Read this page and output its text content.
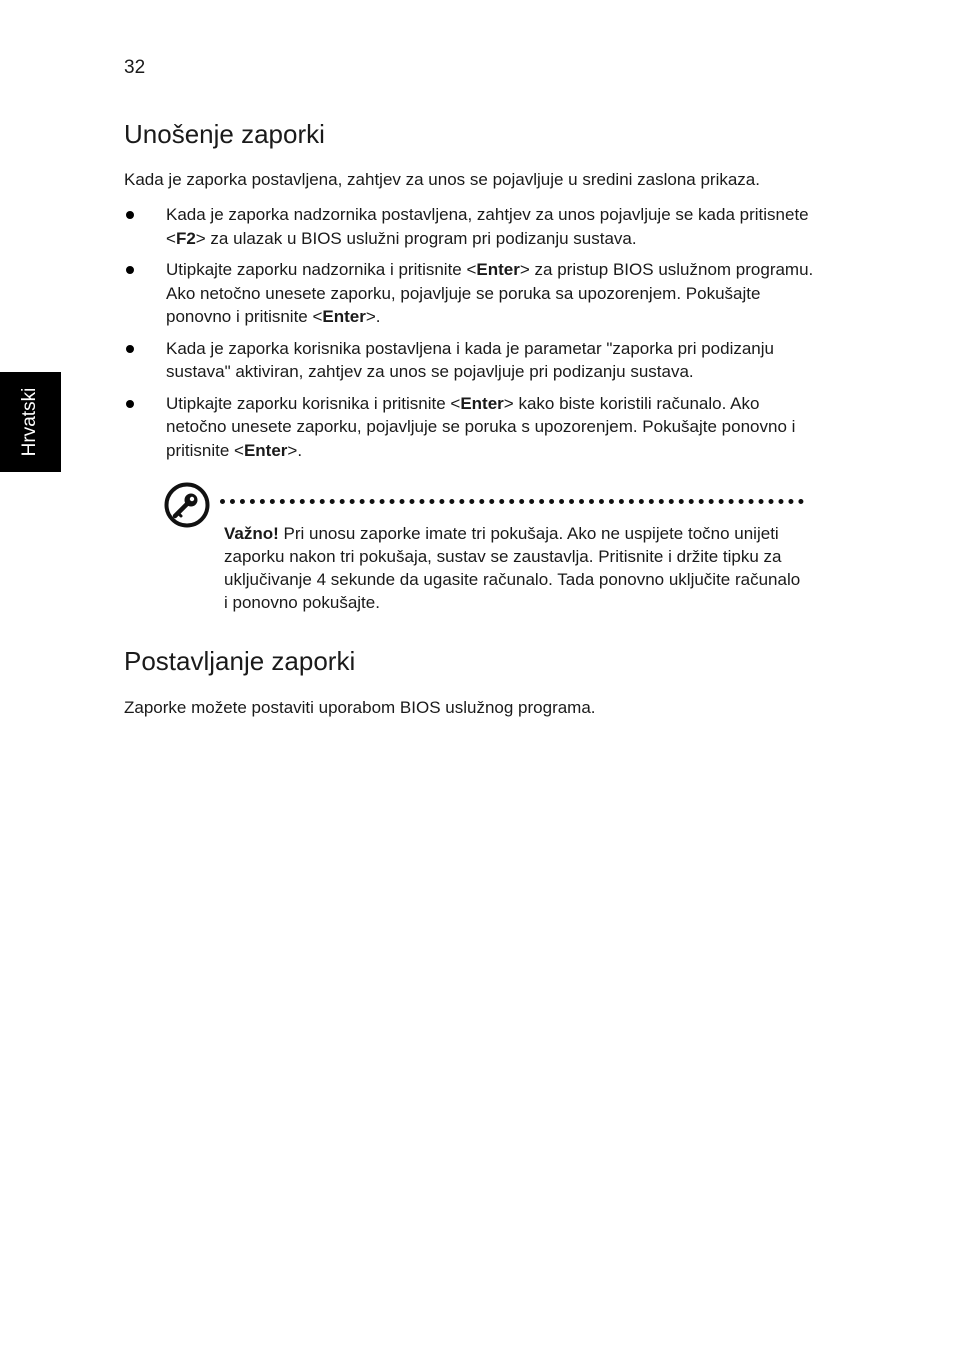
32
Hrvatski
Unošenje zaporki

Kada je zaporka postavljena, zahtjev za unos se pojavljuje u sredini zaslona prikaza.

Kada je zaporka nadzornika postavljena, zahtjev za unos pojavljuje se kada pritisnete <F2> za ulazak u BIOS uslužni program pri podizanju sustava.
Utipkajte zaporku nadzornika i pritisnite <Enter> za pristup BIOS uslužnom programu. Ako netočno unesete zaporku, pojavljuje se poruka sa upozorenjem. Pokušajte ponovno i pritisnite <Enter>.
Kada je zaporka korisnika postavljena i kada je parametar "zaporka pri podizanju sustava" aktiviran, zahtjev za unos se pojavljuje pri podizanju sustava.
Utipkajte zaporku korisnika i pritisnite <Enter> kako biste koristili računalo. Ako netočno unesete zaporku, pojavljuje se poruka s upozorenjem. Pokušajte ponovno i pritisnite <Enter>.

Važno! Pri unosu zaporke imate tri pokušaja. Ako ne uspijete točno unijeti zaporku nakon tri pokušaja, sustav se zaustavlja. Pritisnite i držite tipku za uključivanje 4 sekunde da ugasite računalo. Tada ponovno uključite računalo i ponovno pokušajte.

Postavljanje zaporki

Zaporke možete postaviti uporabom BIOS uslužnog programa.
